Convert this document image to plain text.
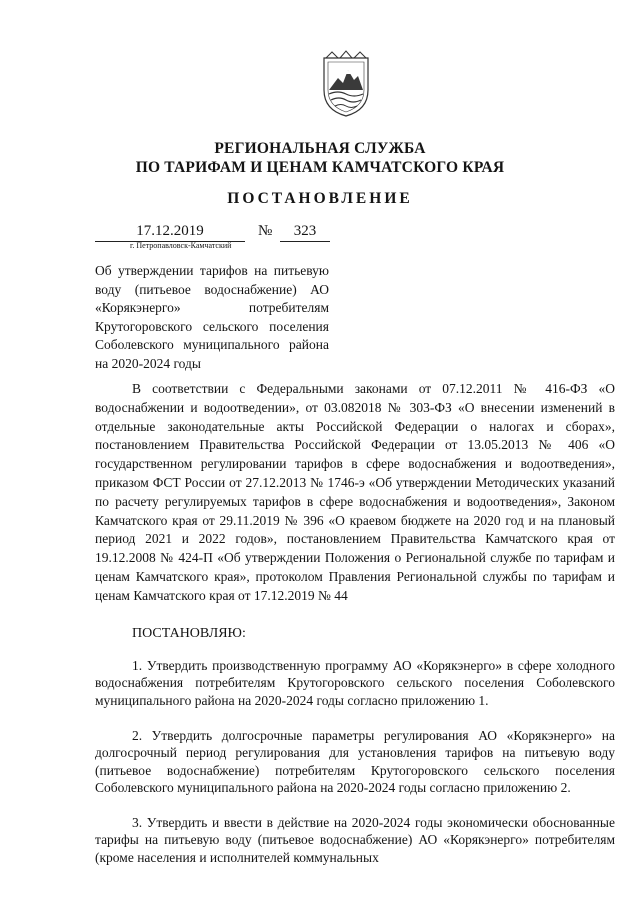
РЕГИОНАЛЬНАЯ СЛУЖБА
ПО ТАРИФАМ И ЦЕНАМ КАМЧАТСКОГО КРАЯ
ПОСТАНОВЛЕНИЕ
17.12.2019	№	323
г. Петропавловск-Камчатский
Об утверждении тарифов на питьевую воду (питьевое водоснабжение) АО «Корякэнерго» потребителям Крутогоровского сельского поселения Соболевского муниципального района на 2020-2024 годы
В соответствии с Федеральными законами от 07.12.2011 № 416-ФЗ «О водоснабжении и водоотведении», от 03.082018 № 303-ФЗ «О внесении изменений в отдельные законодательные акты Российской Федерации о налогах и сборах», постановлением Правительства Российской Федерации от 13.05.2013 № 406 «О государственном регулировании тарифов в сфере водоснабжения и водоотведения», приказом ФСТ России от 27.12.2013 № 1746-э «Об утверждении Методических указаний по расчету регулируемых тарифов в сфере водоснабжения и водоотведения», Законом Камчатского края от 29.11.2019 № 396 «О краевом бюджете на 2020 год и на плановый период 2021 и 2022 годов», постановлением Правительства Камчатского края от 19.12.2008 № 424-П «Об утверждении Положения о Региональной службе по тарифам и ценам Камчатского края», протоколом Правления Региональной службы по тарифам и ценам Камчатского края от 17.12.2019 № 44
ПОСТАНОВЛЯЮ:
1. Утвердить производственную программу АО «Корякэнерго» в сфере холодного водоснабжения потребителям Крутогоровского сельского поселения Соболевского муниципального района на 2020-2024 годы согласно приложению 1.
2. Утвердить долгосрочные параметры регулирования АО «Корякэнерго» на долгосрочный период регулирования для установления тарифов на питьевую воду (питьевое водоснабжение) потребителям Крутогоровского сельского поселения Соболевского муниципального района на 2020-2024 годы согласно приложению 2.
3. Утвердить и ввести в действие на 2020-2024 годы экономически обоснованные тарифы на питьевую воду (питьевое водоснабжение) АО «Корякэнерго» потребителям (кроме населения и исполнителей коммунальных
